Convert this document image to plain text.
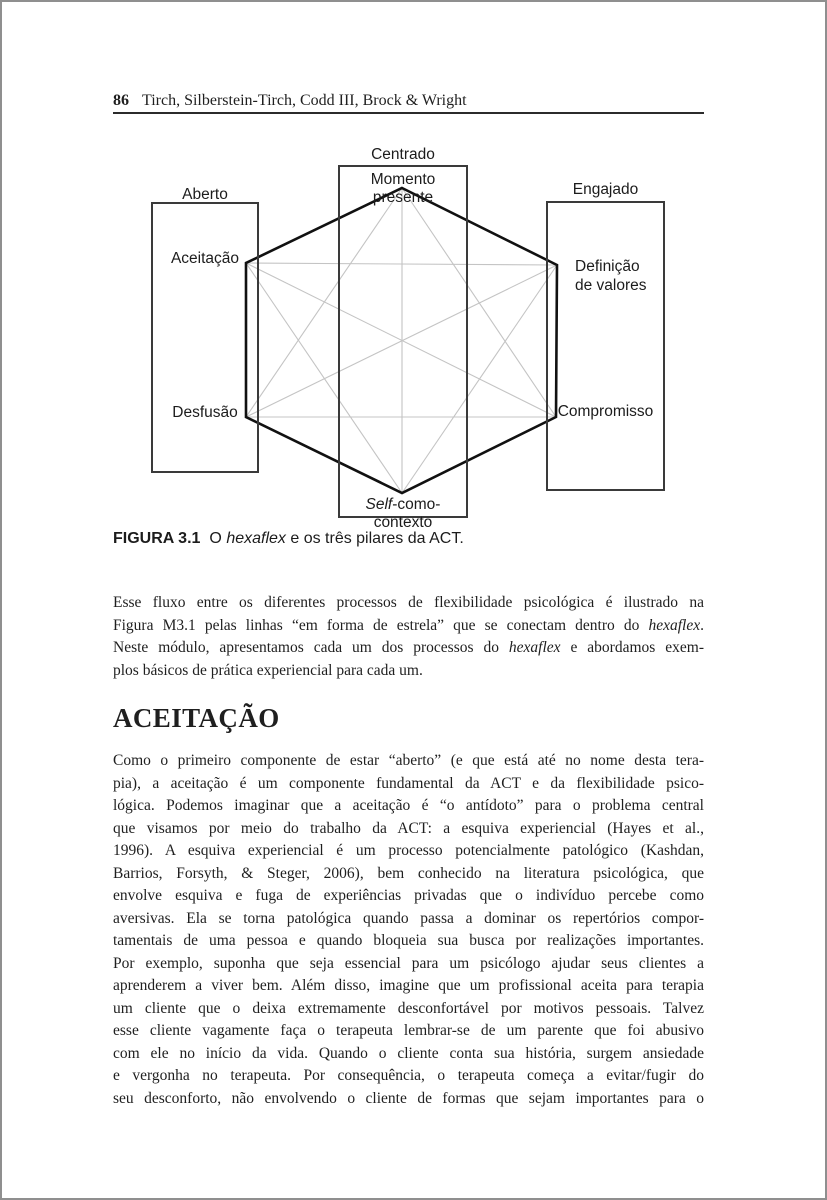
86 Tirch, Silberstein-Tirch, Codd III, Brock & Wright
Centrado
Momento presente
Aberto	Engajado
Aceitação
Desfusão
Definição
de valores
Compromisso
Self-como-contexto
FIGURA 3.1 O hexaflex e os três pilares da ACT.
Esse fluxo entre os diferentes processos de flexibilidade psicológica é ilustrado na
Figura M3.1 pelas linhas “em forma de estrela” que se conectam dentro do hexaflex.
Neste módulo, apresentamos cada um dos processos do hexaflex e abordamos exem-
plos básicos de prática experiencial para cada um.
ACEITAÇÃO
Como o primeiro componente de estar “aberto” (e que está até no nome desta tera-
pia), a aceitação é um componente fundamental da ACT e da flexibilidade psico-
lógica. Podemos imaginar que a aceitação é “o antídoto” para o problema central
que visamos por meio do trabalho da ACT: a esquiva experiencial (Hayes et al.,
1996). A esquiva experiencial é um processo potencialmente patológico (Kashdan,
Barrios, Forsyth, & Steger, 2006), bem conhecido na literatura psicológica, que
envolve esquiva e fuga de experiências privadas que o indivíduo percebe como
aversivas. Ela se torna patológica quando passa a dominar os repertórios compor-
tamentais de uma pessoa e quando bloqueia sua busca por realizações importantes.
Por exemplo, suponha que seja essencial para um psicólogo ajudar seus clientes a
aprenderem a viver bem. Além disso, imagine que um profissional aceita para terapia
um cliente que o deixa extremamente desconfortável por motivos pessoais. Talvez
esse cliente vagamente faça o terapeuta lembrar-se de um parente que foi abusivo
com ele no início da vida. Quando o cliente conta sua história, surgem ansiedade
e vergonha no terapeuta. Por consequência, o terapeuta começa a evitar/fugir do
seu desconforto, não envolvendo o cliente de formas que sejam importantes para o
